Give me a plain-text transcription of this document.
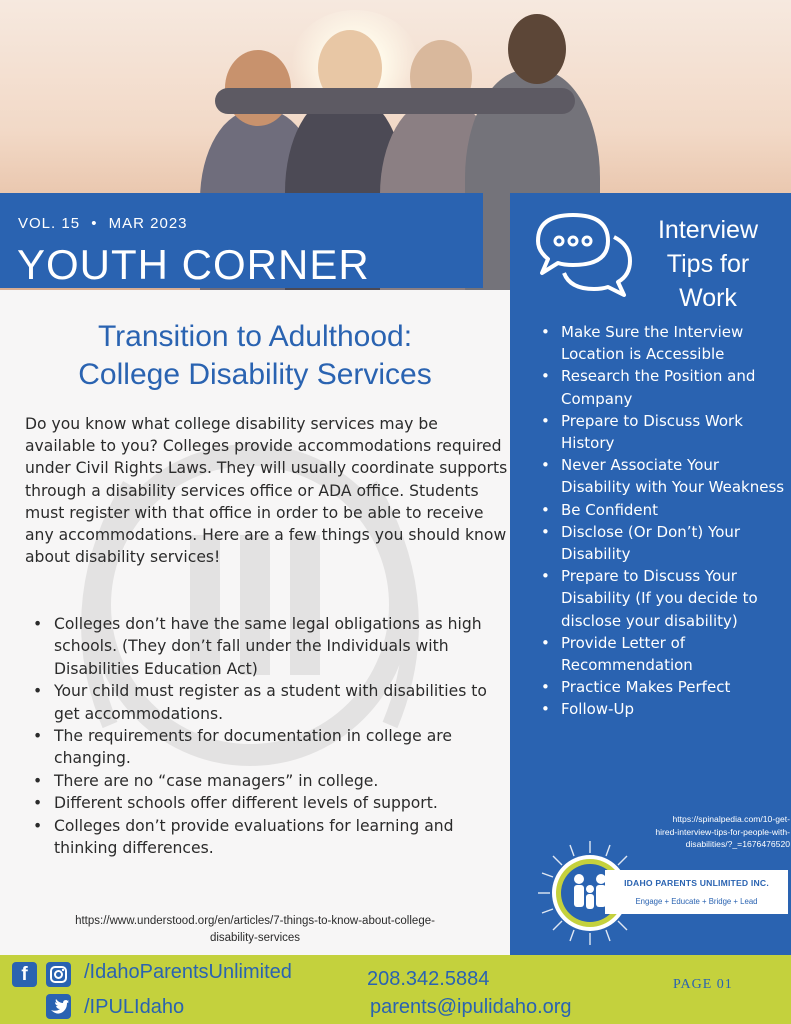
VOL. 15 • MAR 2023
YOUTH CORNER
Transition to Adulthood:
College Disability Services

Do you know what college disability services may be available to you? Colleges provide accommodations required under Civil Rights Laws. They will usually coordinate supports through a disability services office or ADA office. Students must register with that office in order to be able to receive any accommodations. Here are a few things you should know about disability services!

• Colleges don’t have the same legal obligations as high schools. (They don’t fall under the Individuals with Disabilities Education Act)
• Your child must register as a student with disabilities to get accommodations.
• The requirements for documentation in college are changing.
• There are no “case managers” in college.
• Different schools offer different levels of support.
• Colleges don’t provide evaluations for learning and thinking differences.
https://www.understood.org/en/articles/7-things-to-know-about-college-
disability-services
Interview
Tips for
Work
• Make Sure the Interview Location is Accessible
• Research the Position and Company
• Prepare to Discuss Work History
• Never Associate Your Disability with Your Weakness
• Be Confident
• Disclose (Or Don’t) Your Disability
• Prepare to Discuss Your Disability (If you decide to disclose your disability)
• Provide Letter of Recommendation
• Practice Makes Perfect
• Follow-Up
https://spinalpedia.com/10-get-
hired-interview-tips-for-people-with-
disabilities/?_=1676476520
IDAHO PARENTS UNLIMITED INC.
Engage + Educate + Bridge + Lead
f	/IdahoParentsUnlimited
/IPULIdaho
208.342.5884
parents@ipulidaho.org
PAGE 01
